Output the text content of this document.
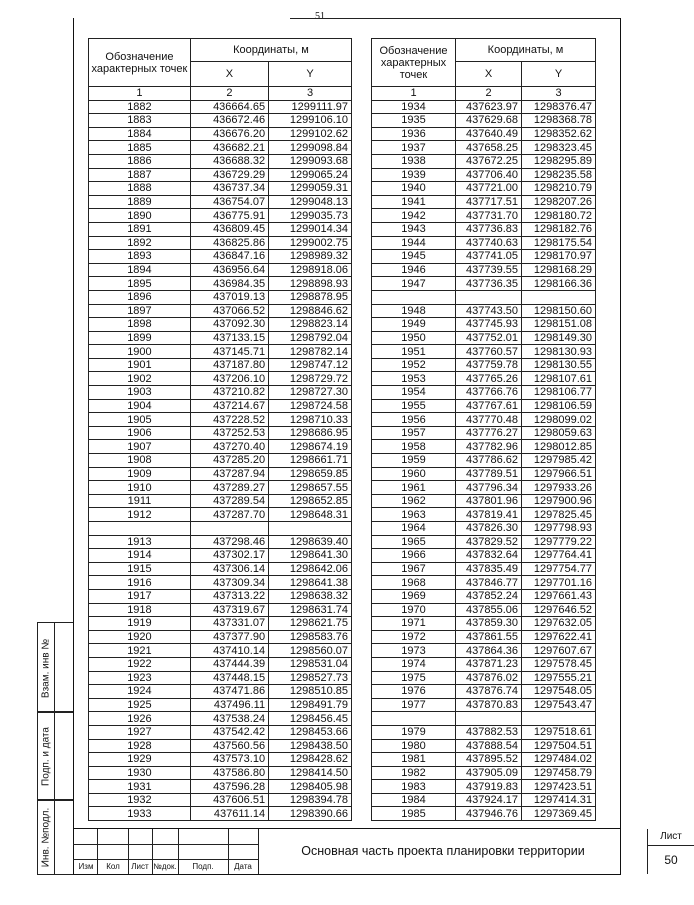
51
Обозначение характерных точек	Координаты, м	
	X	Y
1	2	3
1882	436664.65	1299111.97
1883	436672.46	1299106.10
1884	436676.20	1299102.62
1885	436682.21	1299098.84
1886	436688.32	1299093.68
1887	436729.29	1299065.24
1888	436737.34	1299059.31
1889	436754.07	1299048.13
1890	436775.91	1299035.73
1891	436809.45	1299014.34
1892	436825.86	1299002.75
1893	436847.16	1298989.32
1894	436956.64	1298918.06
1895	436984.35	1298898.93
1896	437019.13	1298878.95
1897	437066.52	1298846.62
1898	437092.30	1298823.14
1899	437133.15	1298792.04
1900	437145.71	1298782.14
1901	437187.80	1298747.12
1902	437206.10	1298729.72
1903	437210.82	1298727.30
1904	437214.67	1298724.58
1905	437228.52	1298710.33
1906	437252.53	1298686.95
1907	437270.40	1298674.19
1908	437285.20	1298661.71
1909	437287.94	1298659.85
1910	437289.27	1298657.55
1911	437289.54	1298652.85
1912	437287.70	1298648.31

1913	437298.46	1298639.40
1914	437302.17	1298641.30
1915	437306.14	1298642.06
1916	437309.34	1298641.38
1917	437313.22	1298638.32
1918	437319.67	1298631.74
1919	437331.07	1298621.75
1920	437377.90	1298583.76
1921	437410.14	1298560.07
1922	437444.39	1298531.04
1923	437448.15	1298527.73
1924	437471.86	1298510.85
1925	437496.11	1298491.79
1926	437538.24	1298456.45
1927	437542.42	1298453.66
1928	437560.56	1298438.50
1929	437573.10	1298428.62
1930	437586.80	1298414.50
1931	437596.28	1298405.98
1932	437606.51	1298394.78
1933	437611.14	1298390.66
Обозначение характерных точек	Координаты, м	
	X	Y
1	2	3
1934	437623.97	1298376.47
1935	437629.68	1298368.78
1936	437640.49	1298352.62
1937	437658.25	1298323.45
1938	437672.25	1298295.89
1939	437706.40	1298235.58
1940	437721.00	1298210.79
1941	437717.51	1298207.26
1942	437731.70	1298180.72
1943	437736.83	1298182.76
1944	437740.63	1298175.54
1945	437741.05	1298170.97
1946	437739.55	1298168.29
1947	437736.35	1298166.36

1948	437743.50	1298150.60
1949	437745.93	1298151.08
1950	437752.01	1298149.30
1951	437760.57	1298130.93
1952	437759.78	1298130.55
1953	437765.26	1298107.61
1954	437766.76	1298106.77
1955	437767.61	1298106.59
1956	437770.48	1298099.02
1957	437776.27	1298059.63
1958	437782.96	1298012.85
1959	437786.62	1297985.42
1960	437789.51	1297966.51
1961	437796.34	1297933.26
1962	437801.96	1297900.96
1963	437819.41	1297825.45
1964	437826.30	1297798.93
1965	437829.52	1297779.22
1966	437832.64	1297764.41
1967	437835.49	1297754.77
1968	437846.77	1297701.16
1969	437852.24	1297661.43
1970	437855.06	1297646.52
1971	437859.30	1297632.05
1972	437861.55	1297622.41
1973	437864.36	1297607.67
1974	437871.23	1297578.45
1975	437876.02	1297555.21
1976	437876.74	1297548.05
1977	437870.83	1297543.47

1979	437882.53	1297518.61
1980	437888.54	1297504.51
1981	437895.52	1297484.02
1982	437905.09	1297458.79
1983	437919.83	1297423.51
1984	437924.17	1297414.31
1985	437946.76	1297369.45
Взам. инв №
Подп. и дата
Инв. №подл.	Изм	Кол	Лист №док.	Подп.	Дата
Основная часть проекта планировки территории
Лист
50
